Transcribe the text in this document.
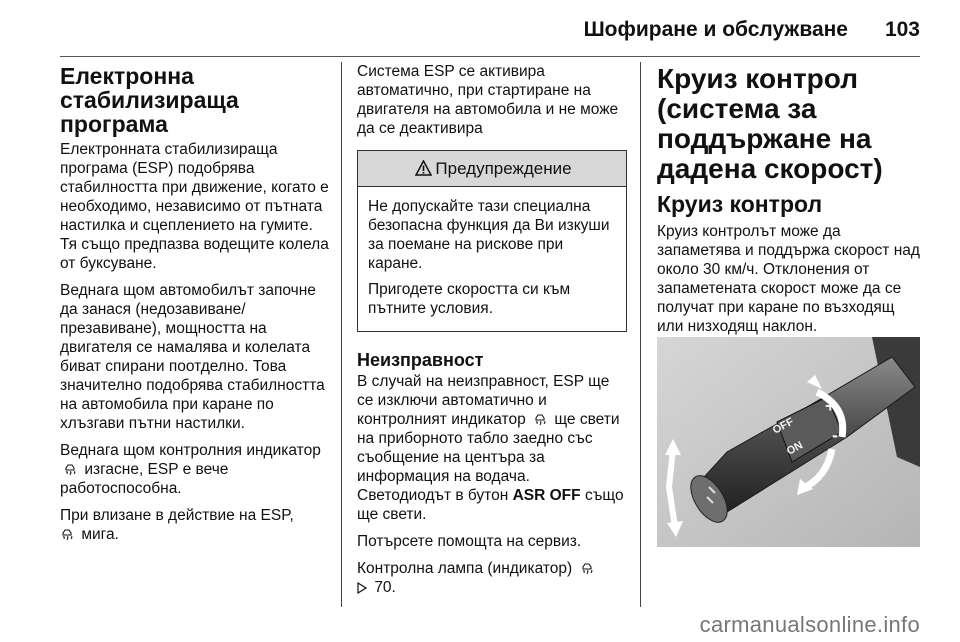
Шофиране и обслужване 103
Електронна стабилизираща програма

Електронната стабилизираща програма (ESP) подобрява стабилността при движение, когато е необходимо, независимо от пътната настилка и сцеплението на гумите. Тя също предпазва водещите колела от буксуване.

Веднага щом автомобилът започне да занася (недозавиване/ презавиване), мощността на двигателя се намалява и колелата биват спирани поотделно. Това значително подобрява стабилността на автомобила при каране по хлъзгави пътни настилки.

Веднага щом контролния индикатор  изгасне, ESP е вече работоспособна.

При влизане в действие на ESP,
мига.

Система ESP се активира автоматично, при стартиране на двигателя на автомобила и не може да се деактивира

Предупреждение

Не допускайте тази специална безопасна функция да Ви изкуши за поемане на рискове при каране.

Пригодете скоростта си към пътните условия.

Неизправност

В случай на неизправност, ESP ще се изключи автоматично и контролният индикатор ще свети на приборното табло заедно със съобщение на центъра за информация на водача. Светодиодът в бутон ASR OFF също ще свети.

Потърсете помощта на сервиз.

Контролна лампа (индикатор)
70.

Круиз контрол (система за поддържане на дадена скорост)
Круиз контрол

Круиз контролът може да запаметява и поддържа скорост над около 30 км/ч. Отклонения от запаметената скорост може да се получат при каране по възходящ или низходящ наклон.

OFF
ON
+
-
carmanualsonline.info
